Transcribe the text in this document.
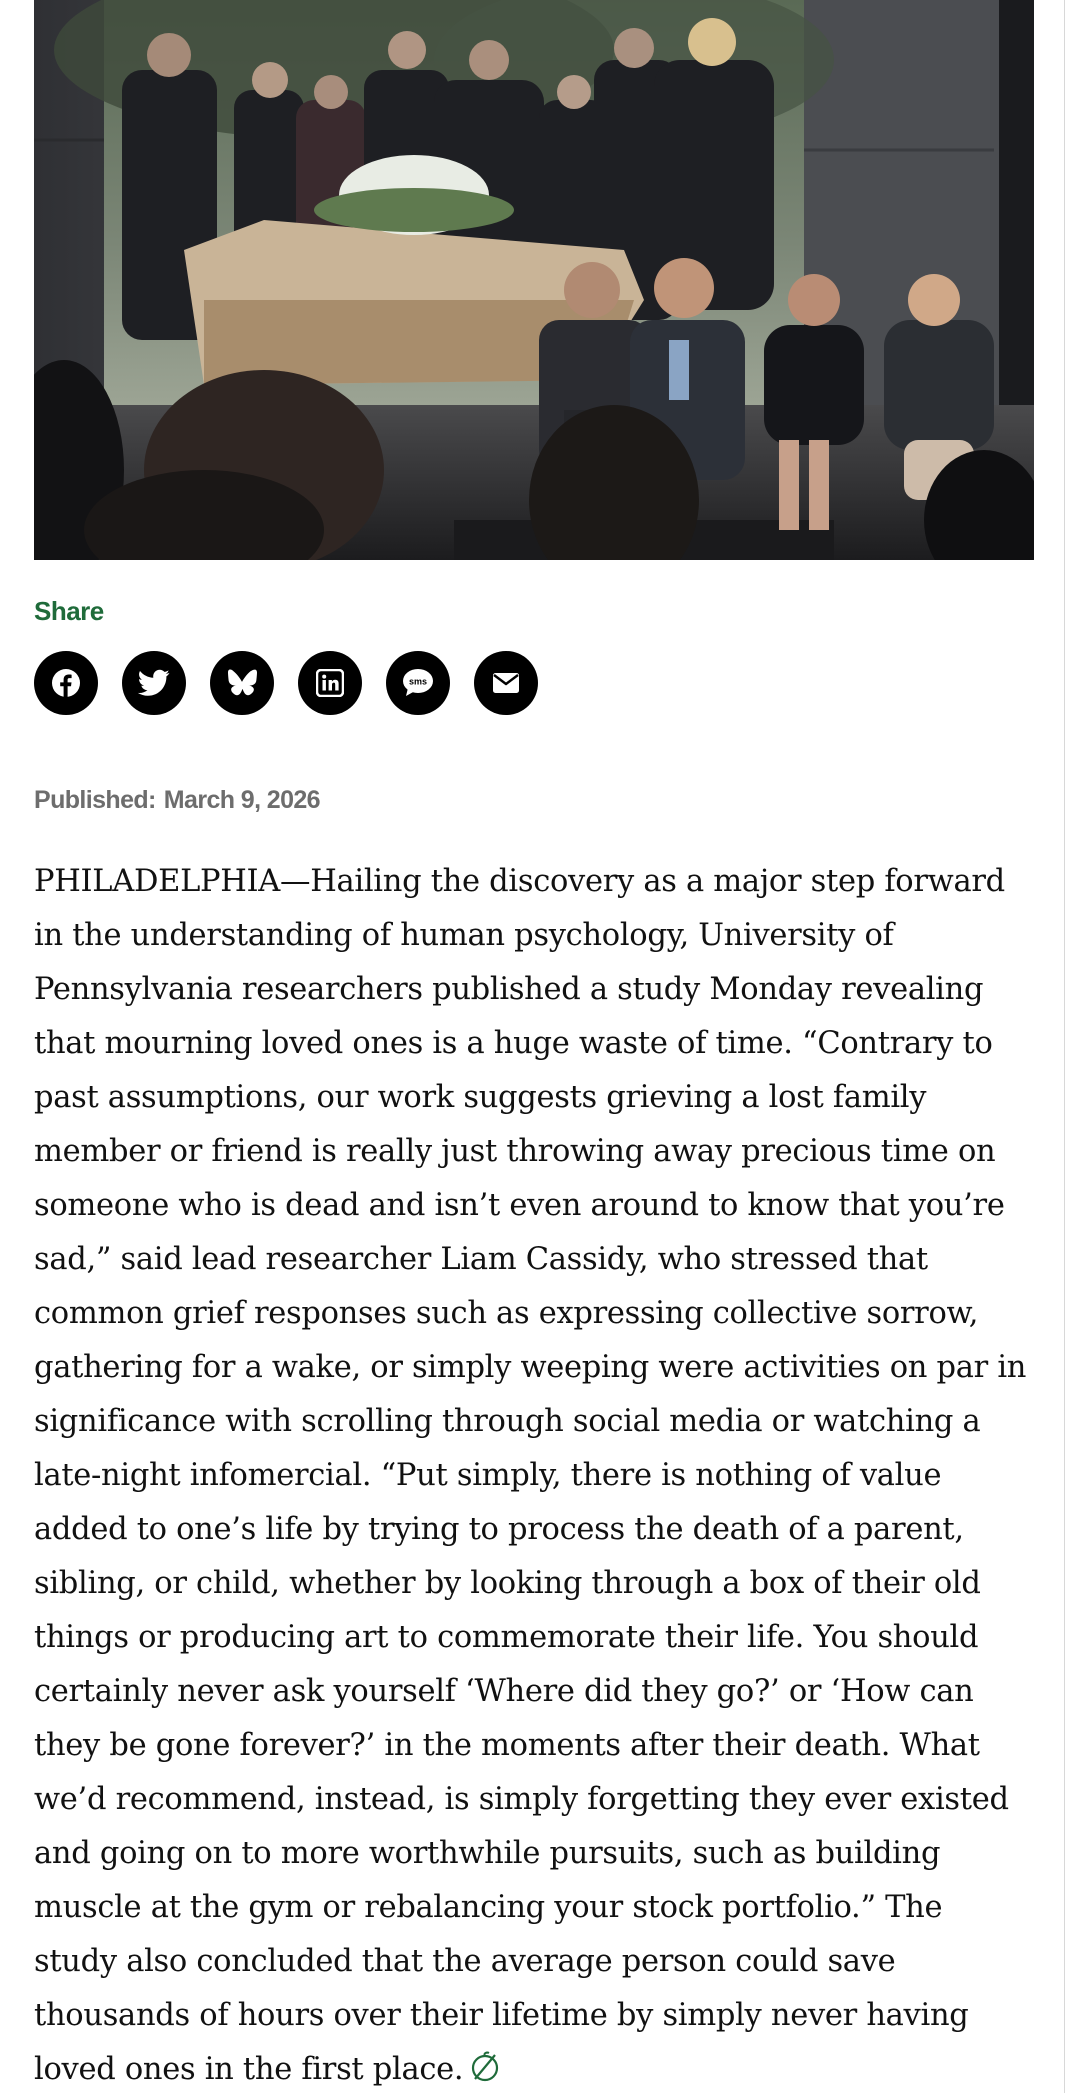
Share
sms
Published: March 9, 2026
PHILADELPHIA—Hailing the discovery as a major step forward
in the understanding of human psychology, University of
Pennsylvania researchers published a study Monday revealing
that mourning loved ones is a huge waste of time. “Contrary to
past assumptions, our work suggests grieving a lost family
member or friend is really just throwing away precious time on
someone who is dead and isn’t even around to know that you’re
sad,” said lead researcher Liam Cassidy, who stressed that
common grief responses such as expressing collective sorrow,
gathering for a wake, or simply weeping were activities on par in
significance with scrolling through social media or watching a
late-night infomercial. “Put simply, there is nothing of value
added to one’s life by trying to process the death of a parent,
sibling, or child, whether by looking through a box of their old
things or producing art to commemorate their life. You should
certainly never ask yourself ‘Where did they go?’ or ‘How can
they be gone forever?’ in the moments after their death. What
we’d recommend, instead, is simply forgetting they ever existed
and going on to more worthwhile pursuits, such as building
muscle at the gym or rebalancing your stock portfolio.” The
study also concluded that the average person could save
thousands of hours over their lifetime by simply never having
loved ones in the first place.
